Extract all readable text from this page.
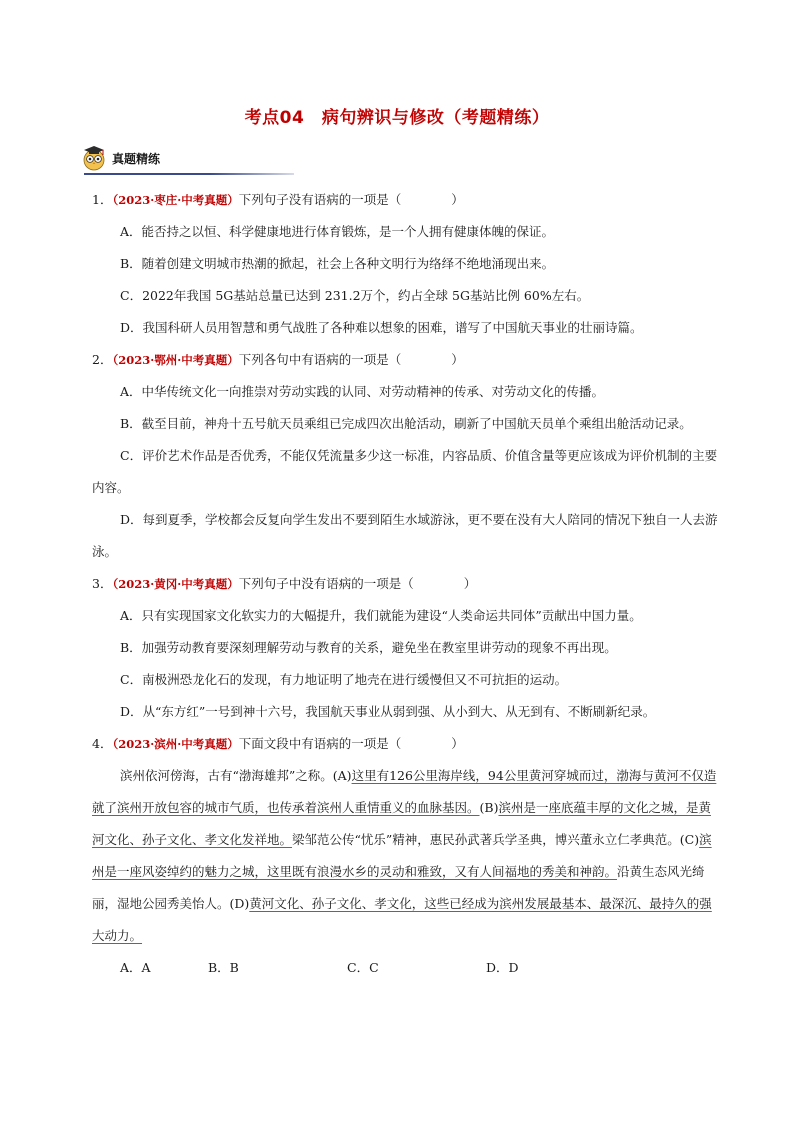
考点04　病句辨识与修改（考题精练）
真题精练

1．（2023·枣庄·中考真题）下列句子没有语病的一项是（　　　　）

A．能否持之以恒、科学健康地进行体育锻炼，是一个人拥有健康体魄的保证。

B．随着创建文明城市热潮的掀起，社会上各种文明行为络绎不绝地涌现出来。

C．2022年我国 5G基站总量已达到 231.2万个，约占全球 5G基站比例 60%左右。

D．我国科研人员用智慧和勇气战胜了各种难以想象的困难，谱写了中国航天事业的壮丽诗篇。

2．（2023·鄂州·中考真题）下列各句中有语病的一项是（　　　　）

A．中华传统文化一向推崇对劳动实践的认同、对劳动精神的传承、对劳动文化的传播。

B．截至目前，神舟十五号航天员乘组已完成四次出舱活动，刷新了中国航天员单个乘组出舱活动记录。

C．评价艺术作品是否优秀，不能仅凭流量多少这一标准，内容品质、价值含量等更应该成为评价机制的主要内容。

D．每到夏季，学校都会反复向学生发出不要到陌生水域游泳，更不要在没有大人陪同的情况下独自一人去游泳。

3．（2023·黄冈·中考真题）下列句子中没有语病的一项是（　　　　）

A．只有实现国家文化软实力的大幅提升，我们就能为建设“人类命运共同体”贡献出中国力量。

B．加强劳动教育要深刻理解劳动与教育的关系，避免坐在教室里讲劳动的现象不再出现。

C．南极洲恐龙化石的发现，有力地证明了地壳在进行缓慢但又不可抗拒的运动。

D．从“东方红”一号到神十六号，我国航天事业从弱到强、从小到大、从无到有、不断刷新纪录。

4．（2023·滨州·中考真题）下面文段中有语病的一项是（　　　　）

滨州依河傍海，古有“渤海雄邦”之称。(A)这里有126公里海岸线，94公里黄河穿城而过，渤海与黄河不仅造就了滨州开放包容的城市气质，也传承着滨州人重情重义的血脉基因。(B)滨州是一座底蕴丰厚的文化之城，是黄河文化、孙子文化、孝文化发祥地。梁邹范公传“忧乐”精神，惠民孙武著兵学圣典，博兴董永立仁孝典范。(C)滨州是一座风姿绰约的魅力之城，这里既有浪漫水乡的灵动和雅致，又有人间福地的秀美和神韵。沿黄生态风光绮丽，湿地公园秀美怡人。(D)黄河文化、孙子文化、孝文化，这些已经成为滨州发展最基本、最深沉、最持久的强大动力。

A．A	B．B	C．C	D．D
